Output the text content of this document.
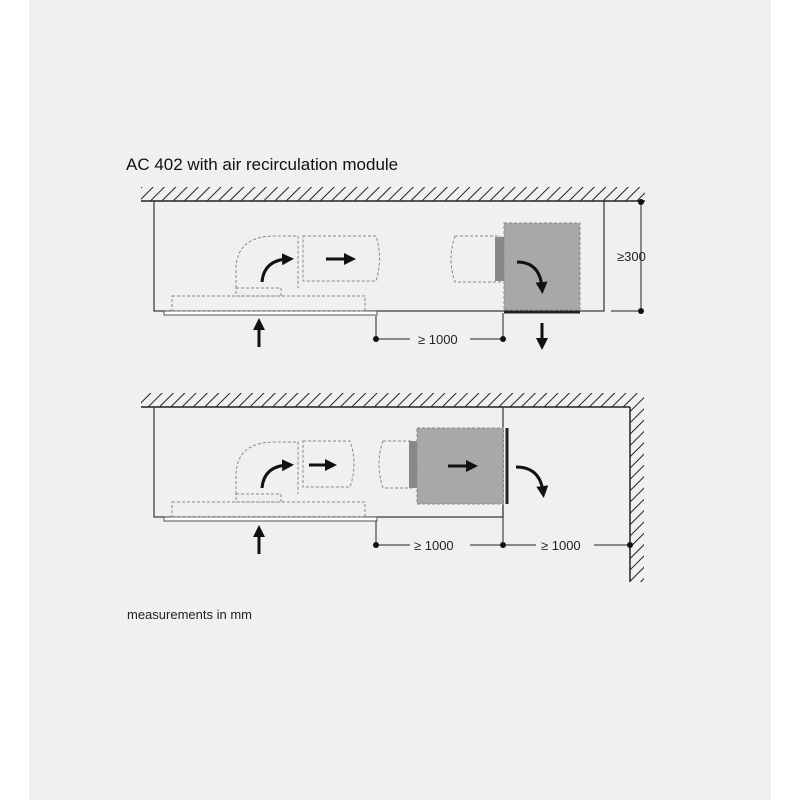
AC 402 with air recirculation module
≥300
≥ 1000
≥ 1000	≥ 1000
measurements in mm
